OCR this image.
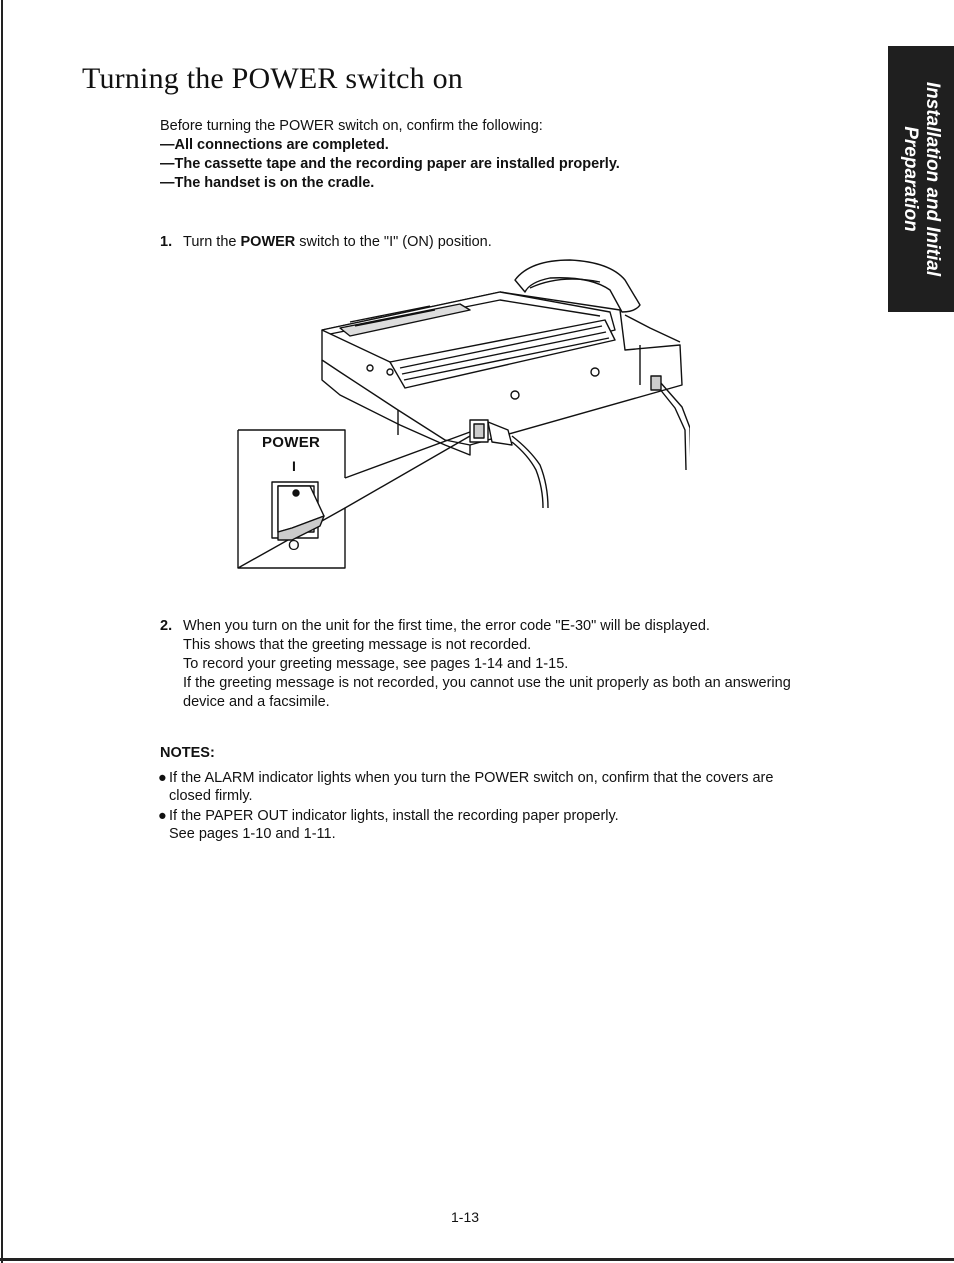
Turning the POWER switch on
Installation and Initial
Preparation
Before turning the POWER switch on, confirm the following:
—All connections are completed.
—The cassette tape and the recording paper are installed properly.
—The handset is on the cradle.
1. Turn the POWER switch to the "I" (ON) position.
POWER
I
O
2. When you turn on the unit for the first time, the error code "E-30" will be displayed.
This shows that the greeting message is not recorded.
To record your greeting message, see pages 1-14 and 1-15.
If the greeting message is not recorded, you cannot use the unit properly as both an answering
device and a facsimile.
NOTES:
● If the ALARM indicator lights when you turn the POWER switch on, confirm that the covers are
closed firmly.
● If the PAPER OUT indicator lights, install the recording paper properly.
See pages 1-10 and 1-11.
1-13
